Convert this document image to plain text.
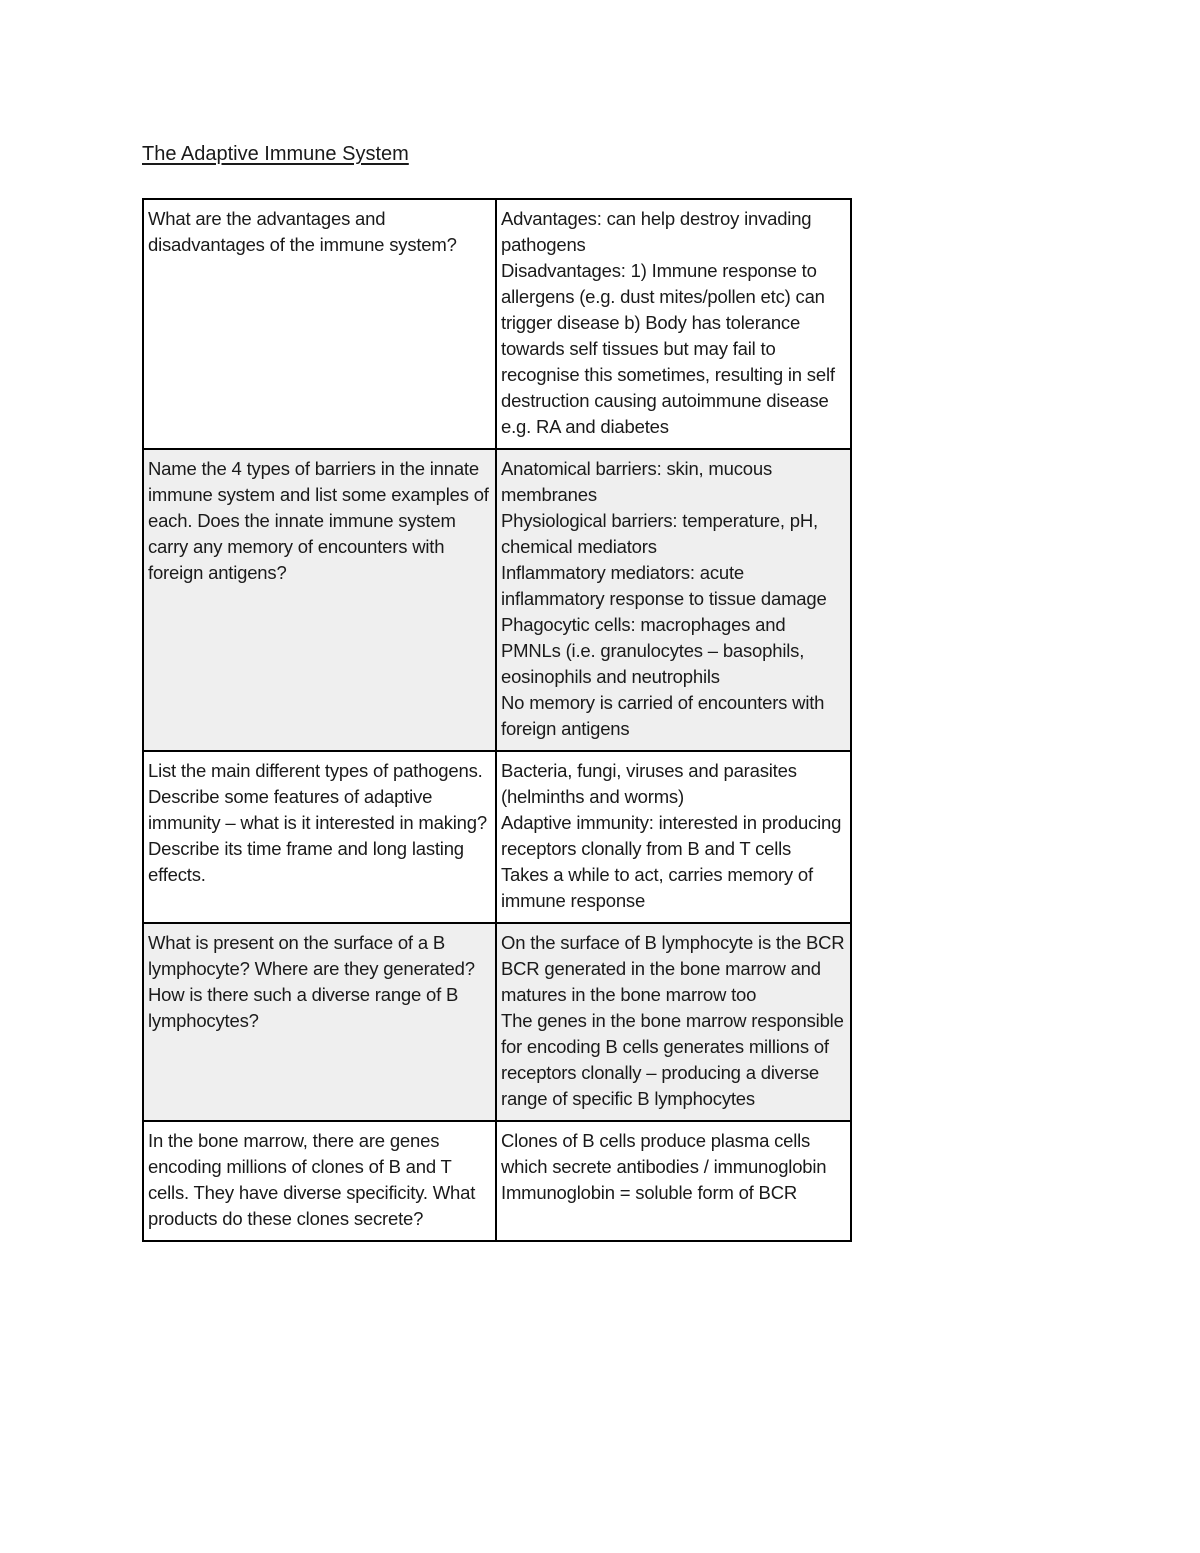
The Adaptive Immune System
What are the advantages and disadvantages of the immune system?	Advantages: can help destroy invading pathogens
Disadvantages: 1) Immune response to allergens (e.g. dust mites/pollen etc) can trigger disease b) Body has tolerance towards self tissues but may fail to recognise this sometimes, resulting in self destruction causing autoimmune disease e.g. RA and diabetes

Name the 4 types of barriers in the innate immune system and list some examples of each. Does the innate immune system carry any memory of encounters with foreign antigens?	Anatomical barriers: skin, mucous membranes
Physiological barriers: temperature, pH, chemical mediators
Inflammatory mediators: acute inflammatory response to tissue damage
Phagocytic cells: macrophages and PMNLs (i.e. granulocytes – basophils, eosinophils and neutrophils
No memory is carried of encounters with foreign antigens

List the main different types of pathogens. Describe some features of adaptive immunity – what is it interested in making? Describe its time frame and long lasting effects.	Bacteria, fungi, viruses and parasites (helminths and worms)
Adaptive immunity: interested in producing receptors clonally from B and T cells
Takes a while to act, carries memory of immune response

What is present on the surface of a B lymphocyte? Where are they generated? How is there such a diverse range of B lymphocytes?	On the surface of B lymphocyte is the BCR
BCR generated in the bone marrow and matures in the bone marrow too
The genes in the bone marrow responsible for encoding B cells generates millions of receptors clonally – producing a diverse range of specific B lymphocytes

In the bone marrow, there are genes encoding millions of clones of B and T cells. They have diverse specificity. What products do these clones secrete?	Clones of B cells produce plasma cells which secrete antibodies / immunoglobin
Immunoglobin = soluble form of BCR
